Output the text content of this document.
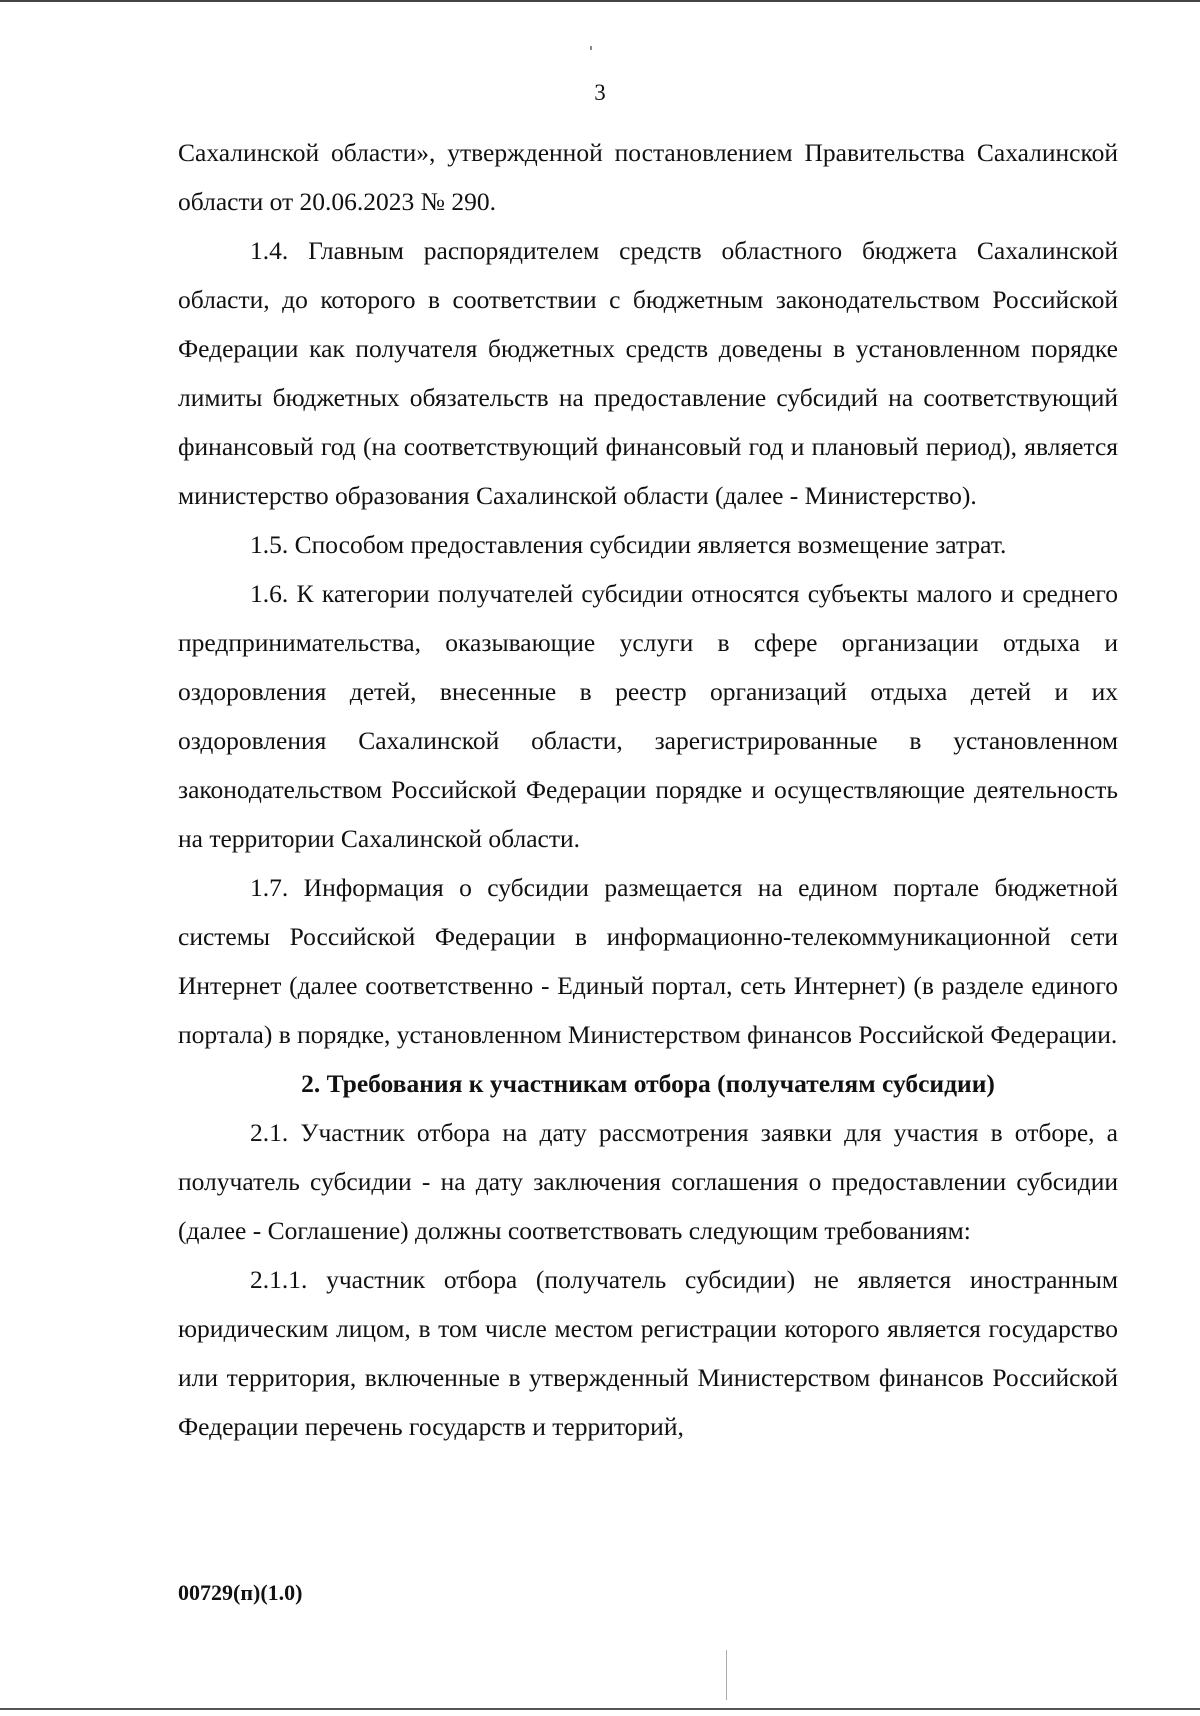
3

Сахалинской области», утвержденной постановлением Правительства Сахалинской области от 20.06.2023 № 290.

1.4. Главным распорядителем средств областного бюджета Сахалинской области, до которого в соответствии с бюджетным законодательством Российской Федерации как получателя бюджетных средств доведены в установленном порядке лимиты бюджетных обязательств на предоставление субсидий на соответствующий финансовый год (на соответствующий финансовый год и плановый период), является министерство образования Сахалинской области (далее - Министерство).

1.5. Способом предоставления субсидии является возмещение затрат.

1.6. К категории получателей субсидии относятся субъекты малого и среднего предпринимательства, оказывающие услуги в сфере организации отдыха и оздоровления детей, внесенные в реестр организаций отдыха детей и их оздоровления Сахалинской области, зарегистрированные в установленном законодательством Российской Федерации порядке и осуществляющие деятельность на территории Сахалинской области.

1.7. Информация о субсидии размещается на едином портале бюджетной системы Российской Федерации в информационно-телекоммуникационной сети Интернет (далее соответственно - Единый портал, сеть Интернет) (в разделе единого портала) в порядке, установленном Министерством финансов Российской Федерации.

2. Требования к участникам отбора (получателям субсидии)

2.1. Участник отбора на дату рассмотрения заявки для участия в отборе, а получатель субсидии - на дату заключения соглашения о предоставлении субсидии (далее - Соглашение) должны соответствовать следующим требованиям:

2.1.1. участник отбора (получатель субсидии) не является иностранным юридическим лицом, в том числе местом регистрации которого является государство или территория, включенные в утвержденный Министерством финансов Российской Федерации перечень государств и территорий,

00729(п)(1.0)
